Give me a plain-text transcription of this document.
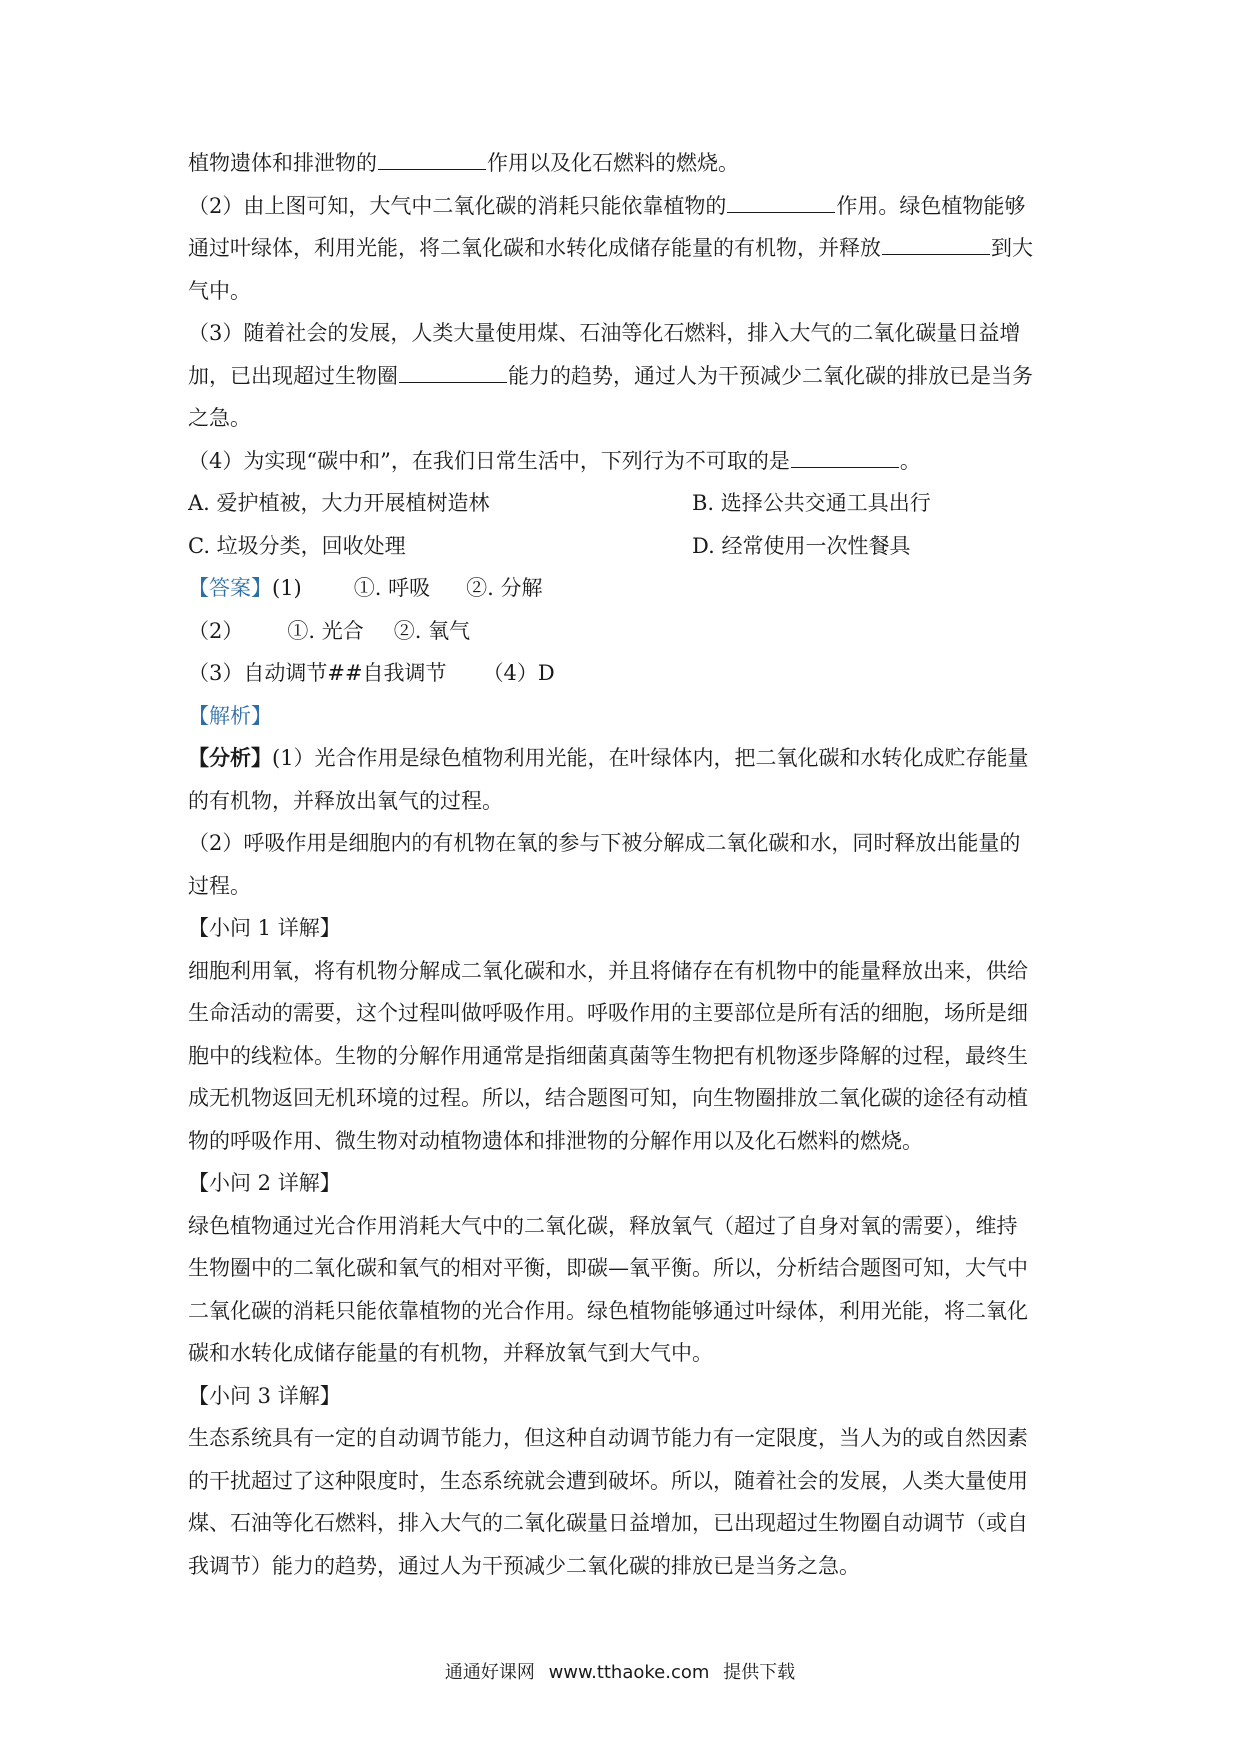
植物遗体和排泄物的	作用以及化石燃料的燃烧。
（2）由上图可知，大气中二氧化碳的消耗只能依靠植物的	作用。绿色植物能够
通过叶绿体，利用光能，将二氧化碳和水转化成储存能量的有机物，并释放	到大
气中。
（3）随着社会的发展，人类大量使用煤、石油等化石燃料，排入大气的二氧化碳量日益增
加，已出现超过生物圈	能力的趋势，通过人为干预减少二氧化碳的排放已是当务
之急。
（4）为实现“碳中和”，在我们日常生活中，下列行为不可取的是	。
A. 爱护植被，大力开展植树造林	B. 选择公共交通工具出行
C. 垃圾分类，回收处理	D. 经常使用一次性餐具
【答案】(1) ①. 呼吸 ②. 分解
（2） ①. 光合 ②. 氧气
（3）自动调节##自我调节 （4）D
【解析】
【分析】(1）光合作用是绿色植物利用光能，在叶绿体内，把二氧化碳和水转化成贮存能量
的有机物，并释放出氧气的过程。
（2）呼吸作用是细胞内的有机物在氧的参与下被分解成二氧化碳和水，同时释放出能量的
过程。
【小问 1 详解】
细胞利用氧，将有机物分解成二氧化碳和水，并且将储存在有机物中的能量释放出来，供给
生命活动的需要，这个过程叫做呼吸作用。呼吸作用的主要部位是所有活的细胞，场所是细
胞中的线粒体。生物的分解作用通常是指细菌真菌等生物把有机物逐步降解的过程，最终生
成无机物返回无机环境的过程。所以，结合题图可知，向生物圈排放二氧化碳的途径有动植
物的呼吸作用、微生物对动植物遗体和排泄物的分解作用以及化石燃料的燃烧。
【小问 2 详解】
绿色植物通过光合作用消耗大气中的二氧化碳，释放氧气（超过了自身对氧的需要），维持
生物圈中的二氧化碳和氧气的相对平衡，即碳—氧平衡。所以，分析结合题图可知，大气中
二氧化碳的消耗只能依靠植物的光合作用。绿色植物能够通过叶绿体，利用光能，将二氧化
碳和水转化成储存能量的有机物，并释放氧气到大气中。
【小问 3 详解】
生态系统具有一定的自动调节能力，但这种自动调节能力有一定限度，当人为的或自然因素
的干扰超过了这种限度时，生态系统就会遭到破坏。所以，随着社会的发展，人类大量使用
煤、石油等化石燃料，排入大气的二氧化碳量日益增加，已出现超过生物圈自动调节（或自
我调节）能力的趋势，通过人为干预减少二氧化碳的排放已是当务之急。
通通好课网 www.tthaoke.com 提供下载
